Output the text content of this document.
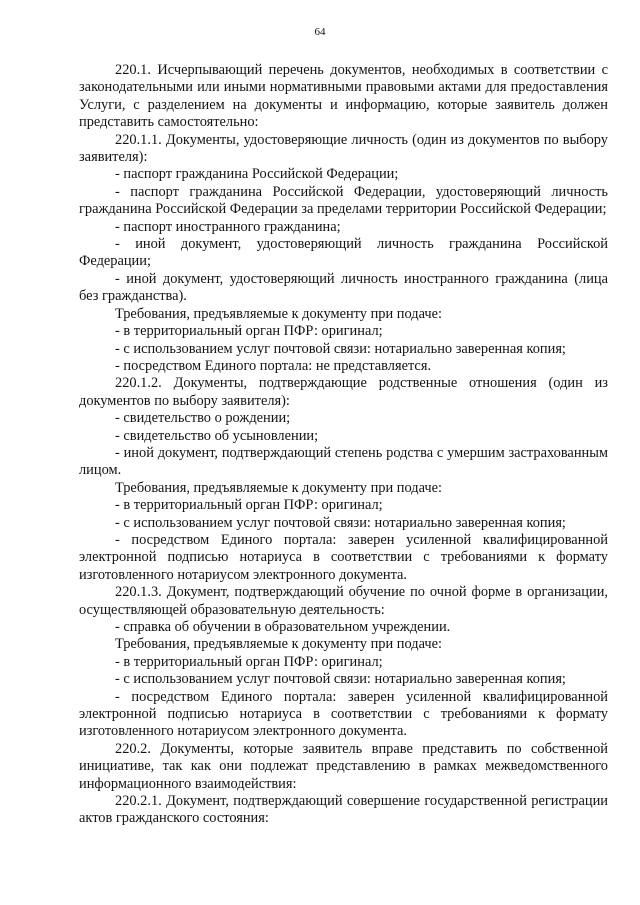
64

220.1. Исчерпывающий перечень документов, необходимых в соответствии с законодательными или иными нормативными правовыми актами для предоставления Услуги, с разделением на документы и информацию, которые заявитель должен представить самостоятельно:

220.1.1. Документы, удостоверяющие личность (один из документов по выбору заявителя):

- паспорт гражданина Российской Федерации;

- паспорт гражданина Российской Федерации, удостоверяющий личность гражданина Российской Федерации за пределами территории Российской Федерации;

- паспорт иностранного гражданина;

- иной документ, удостоверяющий личность гражданина Российской Федерации;

- иной документ, удостоверяющий личность иностранного гражданина (лица без гражданства).

Требования, предъявляемые к документу при подаче:

- в территориальный орган ПФР: оригинал;

- с использованием услуг почтовой связи: нотариально заверенная копия;

- посредством Единого портала: не представляется.

220.1.2. Документы, подтверждающие родственные отношения (один из документов по выбору заявителя):

- свидетельство о рождении;

- свидетельство об усыновлении;

- иной документ, подтверждающий степень родства с умершим застрахованным лицом.

Требования, предъявляемые к документу при подаче:

- в территориальный орган ПФР: оригинал;

- с использованием услуг почтовой связи: нотариально заверенная копия;

- посредством Единого портала: заверен усиленной квалифицированной электронной подписью нотариуса в соответствии с требованиями к формату изготовленного нотариусом электронного документа.

220.1.3. Документ, подтверждающий обучение по очной форме в организации, осуществляющей образовательную деятельность:

- справка об обучении в образовательном учреждении.

Требования, предъявляемые к документу при подаче:

- в территориальный орган ПФР: оригинал;

- с использованием услуг почтовой связи: нотариально заверенная копия;

- посредством Единого портала: заверен усиленной квалифицированной электронной подписью нотариуса в соответствии с требованиями к формату изготовленного нотариусом электронного документа.

220.2. Документы, которые заявитель вправе представить по собственной инициативе, так как они подлежат представлению в рамках межведомственного информационного взаимодействия:

220.2.1. Документ, подтверждающий совершение государственной регистрации актов гражданского состояния:
